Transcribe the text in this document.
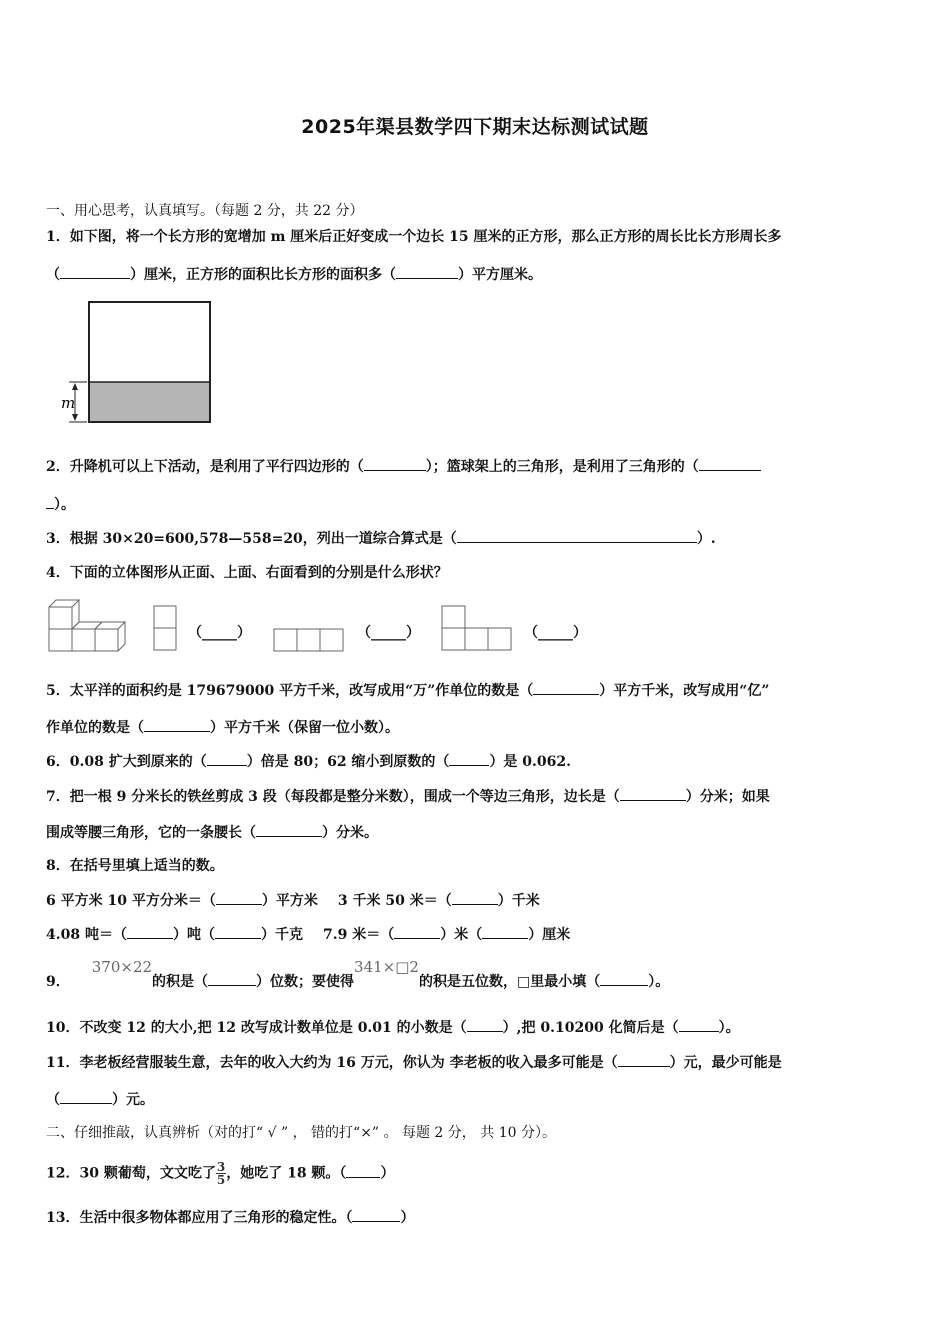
2025年渠县数学四下期末达标测试试题
一、用心思考，认真填写。（每题 2 分，共 22 分）
1．如下图，将一个长方形的宽增加 m 厘米后正好变成一个边长 15 厘米的正方形，那么正方形的周长比长方形周长多
（	）厘米，正方形的面积比长方形的面积多（	）平方厘米。
m
2．升降机可以上下活动，是利用了平行四边形的（	）；篮球架上的三角形，是利用了三角形的（
）。
3．根据 30×20=600,578—558=20，列出一道综合算式是（	）.
4．下面的立体图形从正面、上面、右面看到的分别是什么形状？
（_____）	（_____）	（_____）
5．太平洋的面积约是 179679000 平方千米，改写成用“万”作单位的数是（	）平方千米，改写成用“亿”
作单位的数是（	）平方千米（保留一位小数）。
6．0.08 扩大到原来的（	）倍是 80；62 缩小到原数的（	）是 0.062.
7．把一根 9 分米长的铁丝剪成 3 段（每段都是整分米数），围成一个等边三角形，边长是（	）分米；如果
围成等腰三角形，它的一条腰长（	）分米。
8．在括号里填上适当的数。
6 平方米 10 平方分米＝（	）平方米 3 千米 50 米＝（	）千米
4.08 吨＝（	）吨（	）千克 7.9 米＝（	）米（	）厘米
9．370×22的积是（	）位数；要使得341×□2的积是五位数，□里最小填（	）。
10．不改变 12 的大小,把 12 改写成计数单位是 0.01 的小数是（	）,把 0.10200 化简后是（	）。
11．李老板经营服装生意，去年的收入大约为 16 万元，你认为 李老板的收入最多可能是（	）元，最少可能是
（	）元。
二、仔细推敲，认真辨析（对的打“ √ ” ， 错的打“×” 。 每题 2 分， 共 10 分）。
12．30 颗葡萄，文文吃了 $\frac{3}{5}$ ，她吃了 18 颗。（ ）
13．生活中很多物体都应用了三角形的稳定性。（	）
